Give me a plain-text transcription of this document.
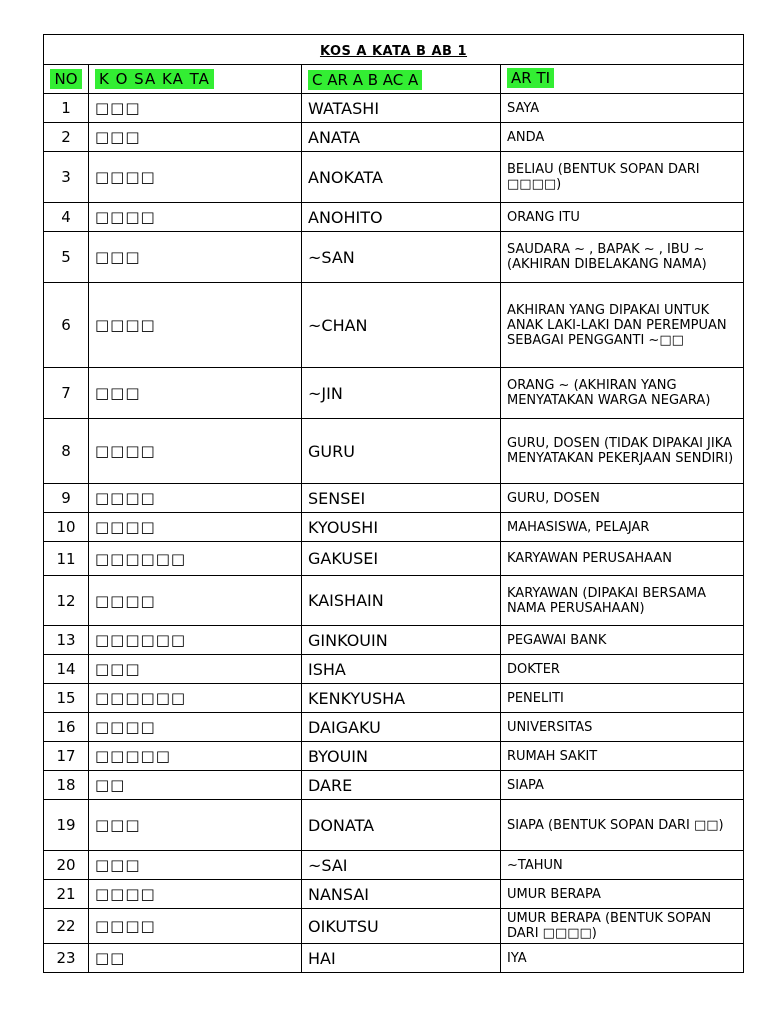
KOS A KATA B AB 1			
NO	K O SA KA TA	C AR A B AC A	AR TI
1	□□□	WATASHI	SAYA
2	□□□	ANATA	ANDA
3	□□□□	ANOKATA	BELIAU (BENTUK SOPAN DARI □□□□)
4	□□□□	ANOHITO	ORANG ITU
5	□□□	~SAN	SAUDARA ~ , BAPAK ~ , IBU ~ (AKHIRAN DIBELAKANG NAMA)
6	□□□□	~CHAN	AKHIRAN YANG DIPAKAI UNTUK ANAK LAKI-LAKI DAN PEREMPUAN SEBAGAI PENGGANTI ~□□
7	□□□	~JIN	ORANG ~ (AKHIRAN YANG MENYATAKAN WARGA NEGARA)
8	□□□□	GURU	GURU, DOSEN (TIDAK DIPAKAI JIKA MENYATAKAN PEKERJAAN SENDIRI)
9	□□□□	SENSEI	GURU, DOSEN
10	□□□□	KYOUSHI	MAHASISWA, PELAJAR
11	□□□□□□	GAKUSEI	KARYAWAN PERUSAHAAN
12	□□□□	KAISHAIN	KARYAWAN (DIPAKAI BERSAMA NAMA PERUSAHAAN)
13	□□□□□□	GINKOUIN	PEGAWAI BANK
14	□□□	ISHA	DOKTER
15	□□□□□□	KENKYUSHA	PENELITI
16	□□□□	DAIGAKU	UNIVERSITAS
17	□□□□□	BYOUIN	RUMAH SAKIT
18	□□	DARE	SIAPA
19	□□□	DONATA	SIAPA (BENTUK SOPAN DARI □□)
20	□□□	~SAI	~TAHUN
21	□□□□	NANSAI	UMUR BERAPA
22	□□□□	OIKUTSU	UMUR BERAPA (BENTUK SOPAN DARI □□□□)
23	□□	HAI	IYA
